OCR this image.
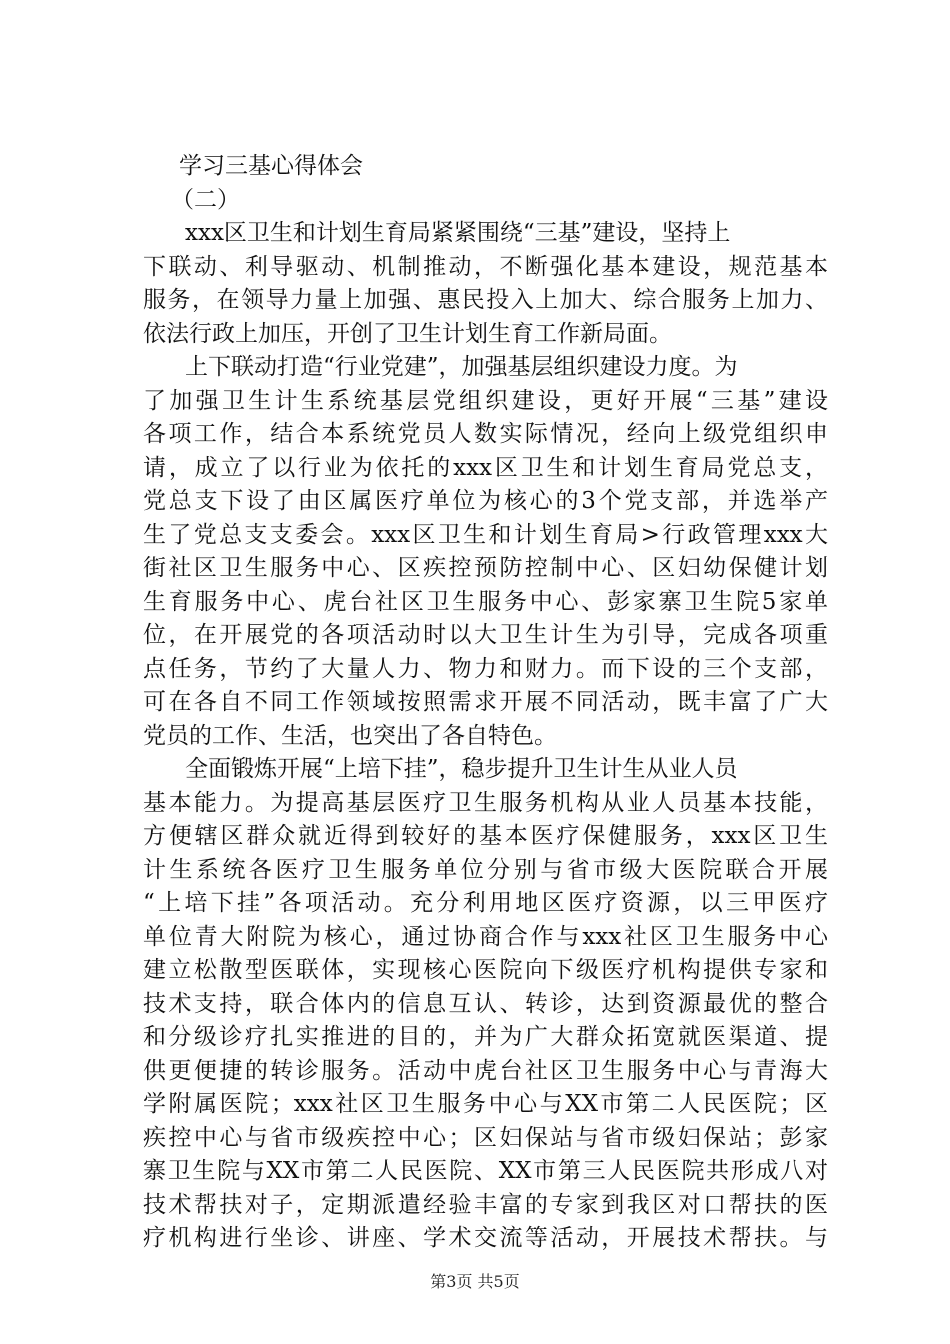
学习三基心得体会
（二）
xxx区卫生和计划生育局紧紧围绕“三基”建设，坚持上
下联动、利导驱动、机制推动，不断强化基本建设，规范基本
服务，在领导力量上加强、惠民投入上加大、综合服务上加力、
依法行政上加压，开创了卫生计划生育工作新局面。
上下联动打造“行业党建”，加强基层组织建设力度。为
了加强卫生计生系统基层党组织建设，更好开展“三基”建设
各项工作，结合本系统党员人数实际情况，经向上级党组织申
请，成立了以行业为依托的xxx区卫生和计划生育局党总支，
党总支下设了由区属医疗单位为核心的3个党支部，并选举产
生了党总支支委会。xxx区卫生和计划生育局>行政管理xxx大
街社区卫生服务中心、区疾控预防控制中心、区妇幼保健计划
生育服务中心、虎台社区卫生服务中心、彭家寨卫生院5家单
位，在开展党的各项活动时以大卫生计生为引导，完成各项重
点任务，节约了大量人力、物力和财力。而下设的三个支部，
可在各自不同工作领域按照需求开展不同活动，既丰富了广大
党员的工作、生活，也突出了各自特色。
全面锻炼开展“上培下挂”，稳步提升卫生计生从业人员
基本能力。为提高基层医疗卫生服务机构从业人员基本技能，
方便辖区群众就近得到较好的基本医疗保健服务，xxx区卫生
计生系统各医疗卫生服务单位分别与省市级大医院联合开展
“上培下挂”各项活动。充分利用地区医疗资源，以三甲医疗
单位青大附院为核心，通过协商合作与xxx社区卫生服务中心
建立松散型医联体，实现核心医院向下级医疗机构提供专家和
技术支持，联合体内的信息互认、转诊，达到资源最优的整合
和分级诊疗扎实推进的目的，并为广大群众拓宽就医渠道、提
供更便捷的转诊服务。活动中虎台社区卫生服务中心与青海大
学附属医院；xxx社区卫生服务中心与XX市第二人民医院；区
疾控中心与省市级疾控中心；区妇保站与省市级妇保站；彭家
寨卫生院与XX市第二人民医院、XX市第三人民医院共形成八对
技术帮扶对子，定期派遣经验丰富的专家到我区对口帮扶的医
疗机构进行坐诊、讲座、学术交流等活动，开展技术帮扶。与
第3页 共5页
